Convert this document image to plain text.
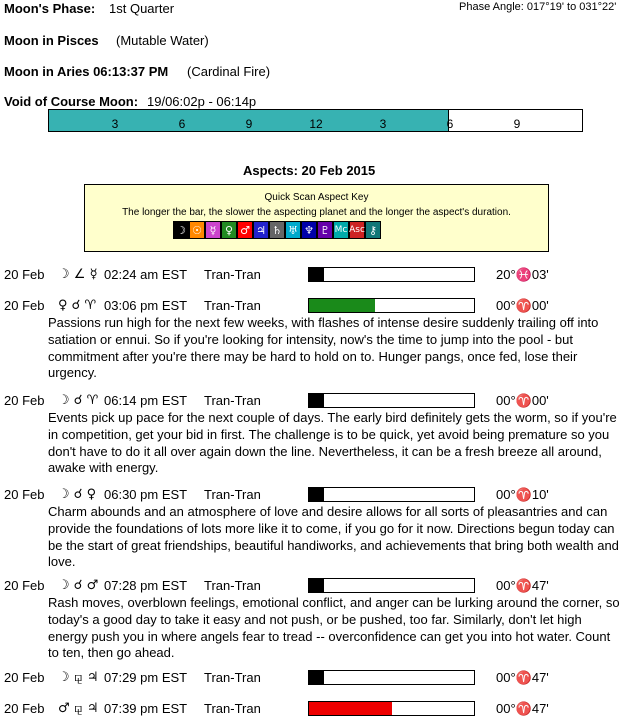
Moon's Phase: 1st Quarter	Phase Angle: 017°19' to 031°22'
Moon in Pisces (Mutable Water)
Moon in Aries 06:13:37 PM (Cardinal Fire)
Void of Course Moon: 19/06:02p - 06:14p
3	6	9	12	3	6	9
Aspects: 20 Feb 2015
Quick Scan Aspect Key
The longer the bar, the slower the aspecting planet and the longer the aspect's duration.
☽ ☉ ☿ ♀ ♂ ♃ ♄ ♅ ♆ ♇ Mc Asc ⚷
20 Feb ☽ ∠ ☿ 02:24 am EST Tran-Tran	20°♓03'
20 Feb ♀ ☌ ♈ 03:06 pm EST Tran-Tran	00°♈00'
Passions run high for the next few weeks, with flashes of intense desire suddenly trailing off into satiation or ennui. So if you're looking for intensity, now's the time to jump into the pool - but commitment after you're there may be hard to hold on to. Hunger pangs, once fed, lose their urgency.
20 Feb ☽ ☌ ♈ 06:14 pm EST Tran-Tran	00°♈00'
Events pick up pace for the next couple of days. The early bird definitely gets the worm, so if you're in competition, get your bid in first. The challenge is to be quick, yet avoid being premature so you don't have to do it all over again down the line. Nevertheless, it can be a fresh breeze all around, awake with energy.
20 Feb ☽ ☌ ♀ 06:30 pm EST Tran-Tran	00°♈10'
Charm abounds and an atmosphere of love and desire allows for all sorts of pleasantries and can provide the foundations of lots more like it to come, if you go for it now. Directions begun today can be the start of great friendships, beautiful handiworks, and achievements that bring both wealth and love.
20 Feb ☽ ☌ ♂ 07:28 pm EST Tran-Tran	00°♈47'
Rash moves, overblown feelings, emotional conflict, and anger can be lurking around the corner, so today's a good day to take it easy and not push, or be pushed, too far. Similarly, don't let high energy push you in where angels fear to tread -- overconfidence can get you into hot water. Count to ten, then go ahead.
20 Feb ☽ ⚼ ♃ 07:29 pm EST Tran-Tran	00°♈47'
20 Feb ♂ ⚼ ♃ 07:39 pm EST Tran-Tran	00°♈47'
